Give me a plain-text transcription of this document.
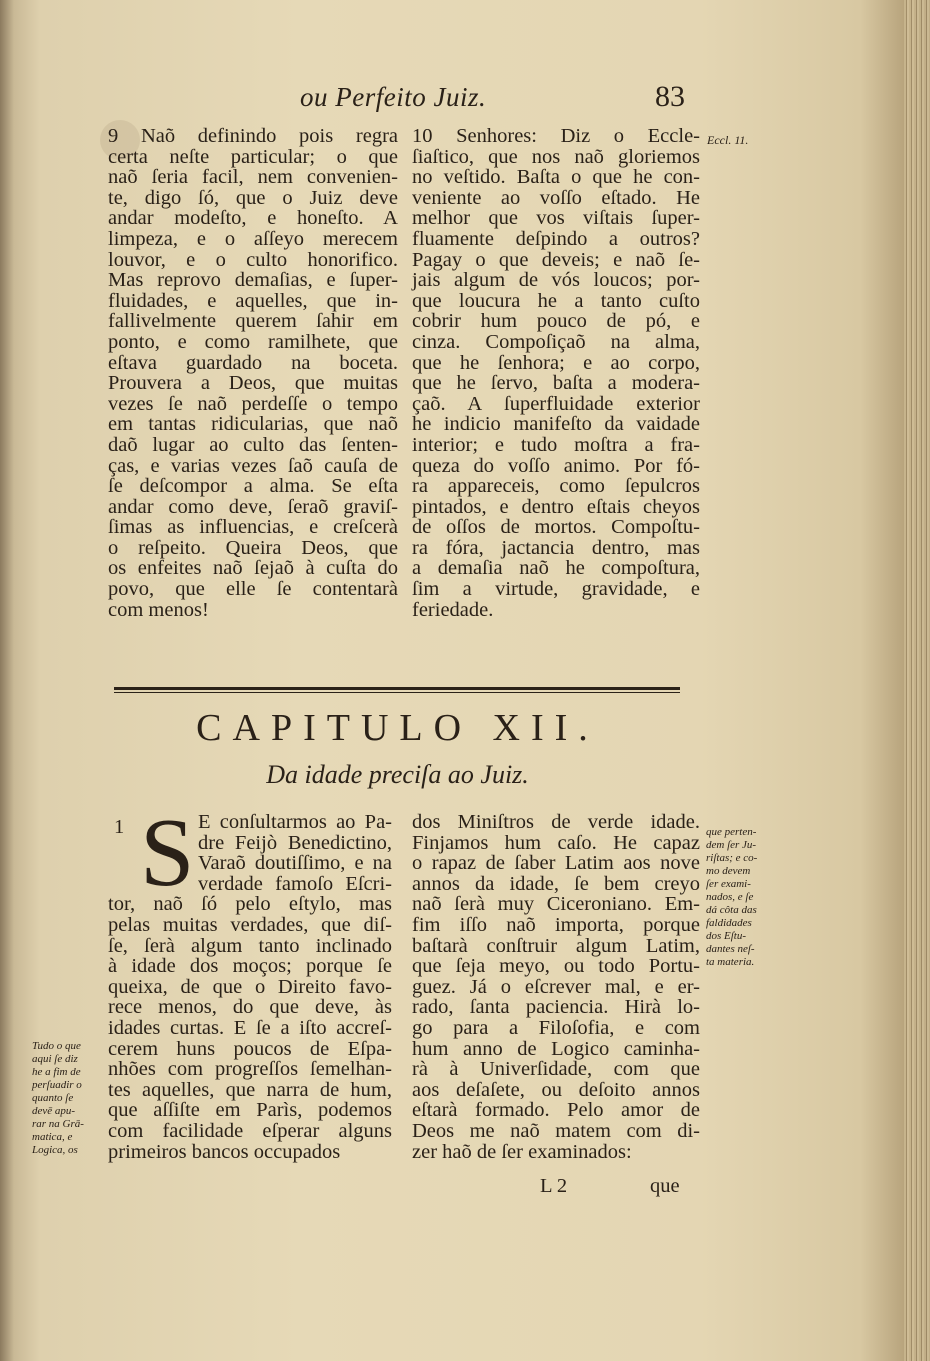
ou Perfeito Juiz.	83
9 Naõ definindo pois regra
certa neſte particular; o que
naõ ſeria facil, nem convenien-
te, digo ſó, que o Juiz deve
andar modeſto, e honeſto. A
limpeza, e o aſſeyo merecem
louvor, e o culto honorifico.
Mas reprovo demaſias, e ſuper-
fluidades, e aquelles, que in-
fallivelmente querem ſahir em
ponto, e como ramilhete, que
eſtava guardado na boceta.
Prouvera a Deos, que muitas
vezes ſe naõ perdeſſe o tempo
em tantas ridicularias, que naõ
daõ lugar ao culto das ſenten-
ças, e varias vezes ſaõ cauſa de
ſe deſcompor a alma. Se eſta
andar como deve, ſeraõ graviſ-
ſimas as influencias, e creſcerà
o reſpeito. Queira Deos, que
os enfeites naõ ſejaõ à cuſta do
povo, que elle ſe contentarà
com menos!
10 Senhores: Diz o Eccle-
ſiaſtico, que nos naõ gloriemos
no veſtido. Baſta o que he con-
veniente ao voſſo eſtado. He
melhor que vos viſtais ſuper-
fluamente deſpindo a outros?
Pagay o que deveis; e naõ ſe-
jais algum de vós loucos; por-
que loucura he a tanto cuſto
cobrir hum pouco de pó, e
cinza. Compoſiçaõ na alma,
que he ſenhora; e ao corpo,
que he ſervo, baſta a modera-
çaõ. A ſuperfluidade exterior
he indicio manifeſto da vaidade
interior; e tudo moſtra a fra-
queza do voſſo animo. Por fó-
ra appareceis, como ſepulcros
pintados, e dentro eſtais cheyos
de oſſos de mortos. Compoſtu-
ra fóra, jactancia dentro, mas
a demaſia naõ he compoſtura,
ſim a virtude, gravidade, e
feriedade.
Eccl. 11.
CAPITULO XII.
Da idade preciſa ao Juiz.
1 S E conſultarmos ao Pa-
dre Feijò Benedictino,
Varaõ doutiſſimo, e na
verdade famoſo Eſcri-
tor, naõ ſó pelo eſtylo, mas
pelas muitas verdades, que diſ-
ſe, ſerà algum tanto inclinado
à idade dos moços; porque ſe
queixa, de que o Direito favo-
rece menos, do que deve, às
idades curtas. E ſe a iſto accreſ-
cerem huns poucos de Eſpa-
nhões com progreſſos ſemelhan-
tes aquelles, que narra de hum,
que aſſiſte em Parìs, podemos
com facilidade eſperar alguns
primeiros bancos occupados
dos Miniſtros de verde idade.
Finjamos hum caſo. He capaz
o rapaz de ſaber Latim aos nove
annos da idade, ſe bem creyo
naõ ſerà muy Ciceroniano. Em-
fim iſſo naõ importa, porque
baſtarà conſtruir algum Latim,
que ſeja meyo, ou todo Portu-
guez. Já o eſcrever mal, e er-
rado, ſanta paciencia. Hirà lo-
go para a Filoſofia, e com
hum anno de Logico caminha-
rà à Univerſidade, com que
aos deſaſete, ou deſoito annos
eſtarà formado. Pelo amor de
Deos me naõ matem com di-
zer haõ de ſer examinados:
Tudo o que
aqui ſe diz
he a fim de
perſuadir o
quanto ſe
devē apu-
rar na Grā-
matica, e
Logica, os
que perten-
dem ſer Ju-
riſtas; e co-
mo devem
ſer exami-
nados, e ſe
dá côta das
faldidades
dos Eſtu-
dantes neſ-
ta materia.
L 2	que
